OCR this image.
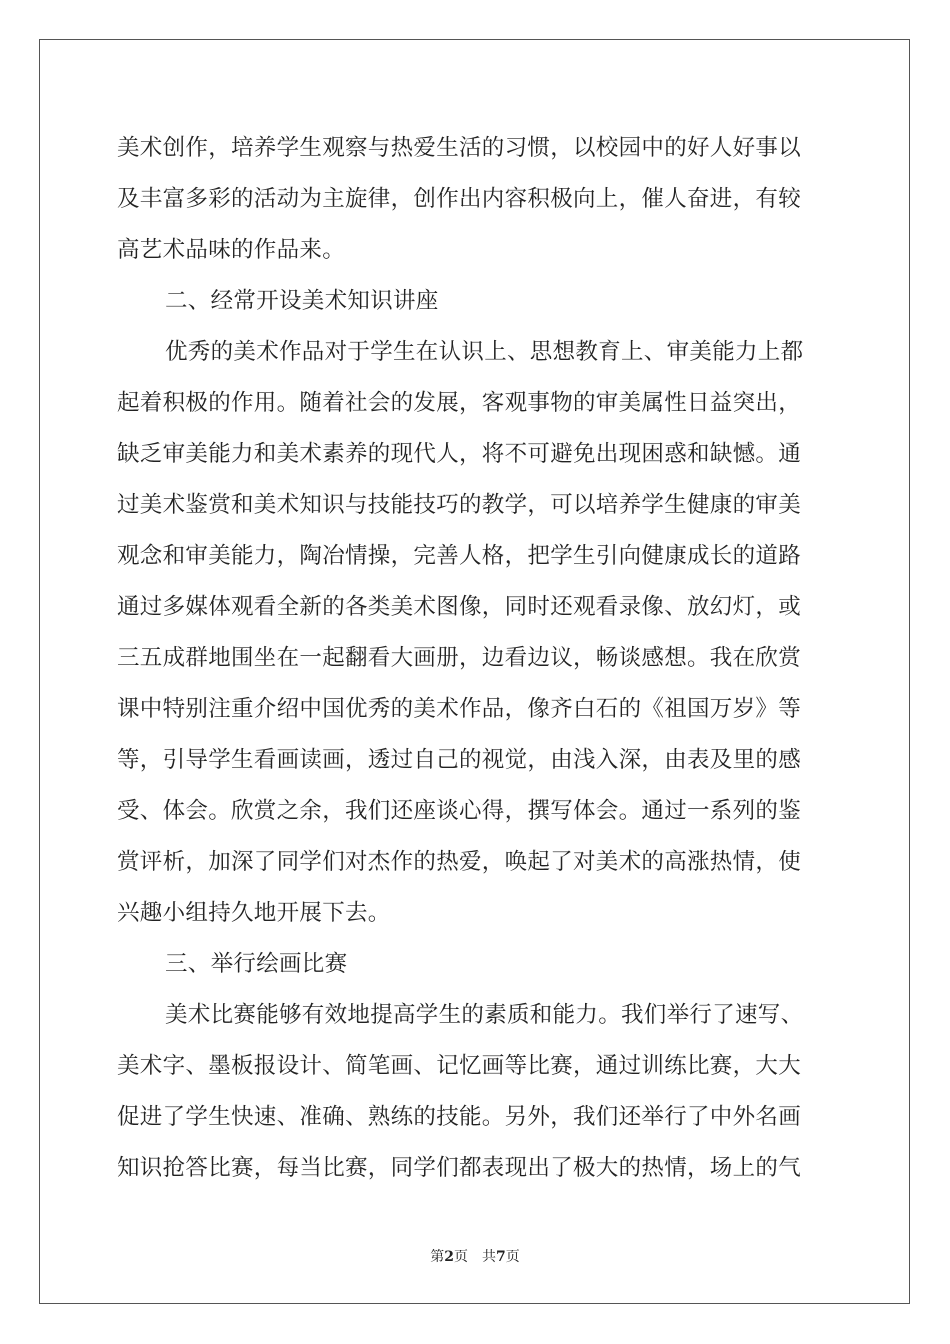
美术创作，培养学生观察与热爱生活的习惯，以校园中的好人好事以
及丰富多彩的活动为主旋律，创作出内容积极向上，催人奋进，有较
高艺术品味的作品来。
二、经常开设美术知识讲座
优秀的美术作品对于学生在认识上、思想教育上、审美能力上都
起着积极的作用。随着社会的发展，客观事物的审美属性日益突出，
缺乏审美能力和美术素养的现代人，将不可避免出现困惑和缺憾。通
过美术鉴赏和美术知识与技能技巧的教学，可以培养学生健康的审美
观念和审美能力，陶冶情操，完善人格，把学生引向健康成长的道路
通过多媒体观看全新的各类美术图像，同时还观看录像、放幻灯，或
三五成群地围坐在一起翻看大画册，边看边议，畅谈感想。我在欣赏
课中特别注重介绍中国优秀的美术作品，像齐白石的《祖国万岁》等
等，引导学生看画读画，透过自己的视觉，由浅入深，由表及里的感
受、体会。欣赏之余，我们还座谈心得，撰写体会。通过一系列的鉴
赏评析，加深了同学们对杰作的热爱，唤起了对美术的高涨热情，使
兴趣小组持久地开展下去。
三、举行绘画比赛
美术比赛能够有效地提高学生的素质和能力。我们举行了速写、
美术字、墨板报设计、简笔画、记忆画等比赛，通过训练比赛，大大
促进了学生快速、准确、熟练的技能。另外，我们还举行了中外名画
知识抢答比赛，每当比赛，同学们都表现出了极大的热情，场上的气
第2页　共7页
